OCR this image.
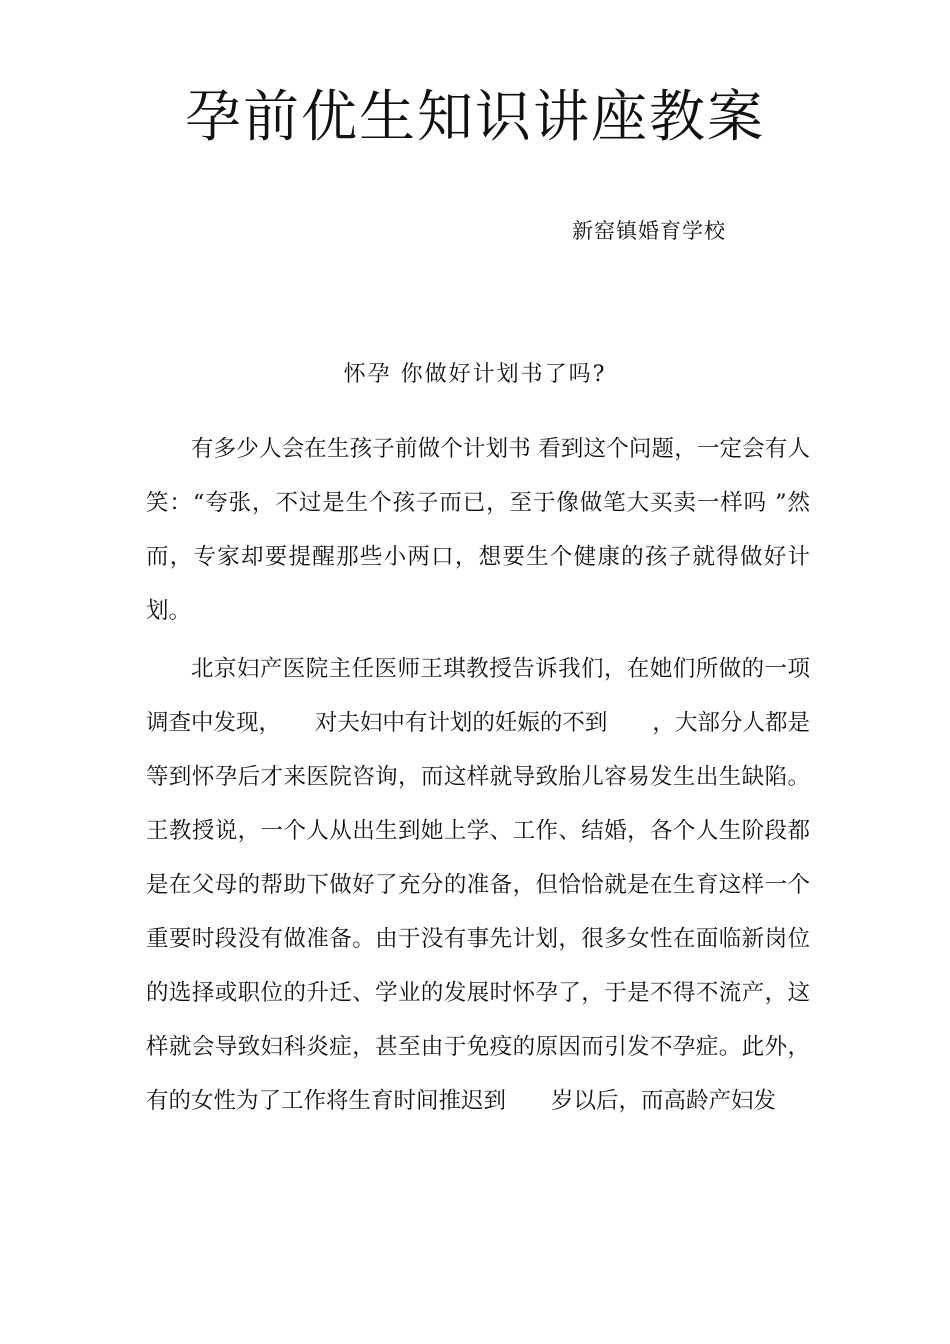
孕前优生知识讲座教案
新窑镇婚育学校
怀孕 你做好计划书了吗?

有多少人会在生孩子前做个计划书 看到这个问题，一定会有人笑：“夸张，不过是生个孩子而已，至于像做笔大买卖一样吗 ”然而，专家却要提醒那些小两口，想要生个健康的孩子就得做好计划。

北京妇产医院主任医师王琪教授告诉我们，在她们所做的一项调查中发现，　　对夫妇中有计划的妊娠的不到　　，大部分人都是等到怀孕后才来医院咨询，而这样就导致胎儿容易发生出生缺陷。王教授说，一个人从出生到她上学、工作、结婚，各个人生阶段都是在父母的帮助下做好了充分的准备，但恰恰就是在生育这样一个重要时段没有做准备。由于没有事先计划，很多女性在面临新岗位的选择或职位的升迁、学业的发展时怀孕了，于是不得不流产，这样就会导致妇科炎症，甚至由于免疫的原因而引发不孕症。此外，有的女性为了工作将生育时间推迟到　　岁以后，而高龄产妇发
